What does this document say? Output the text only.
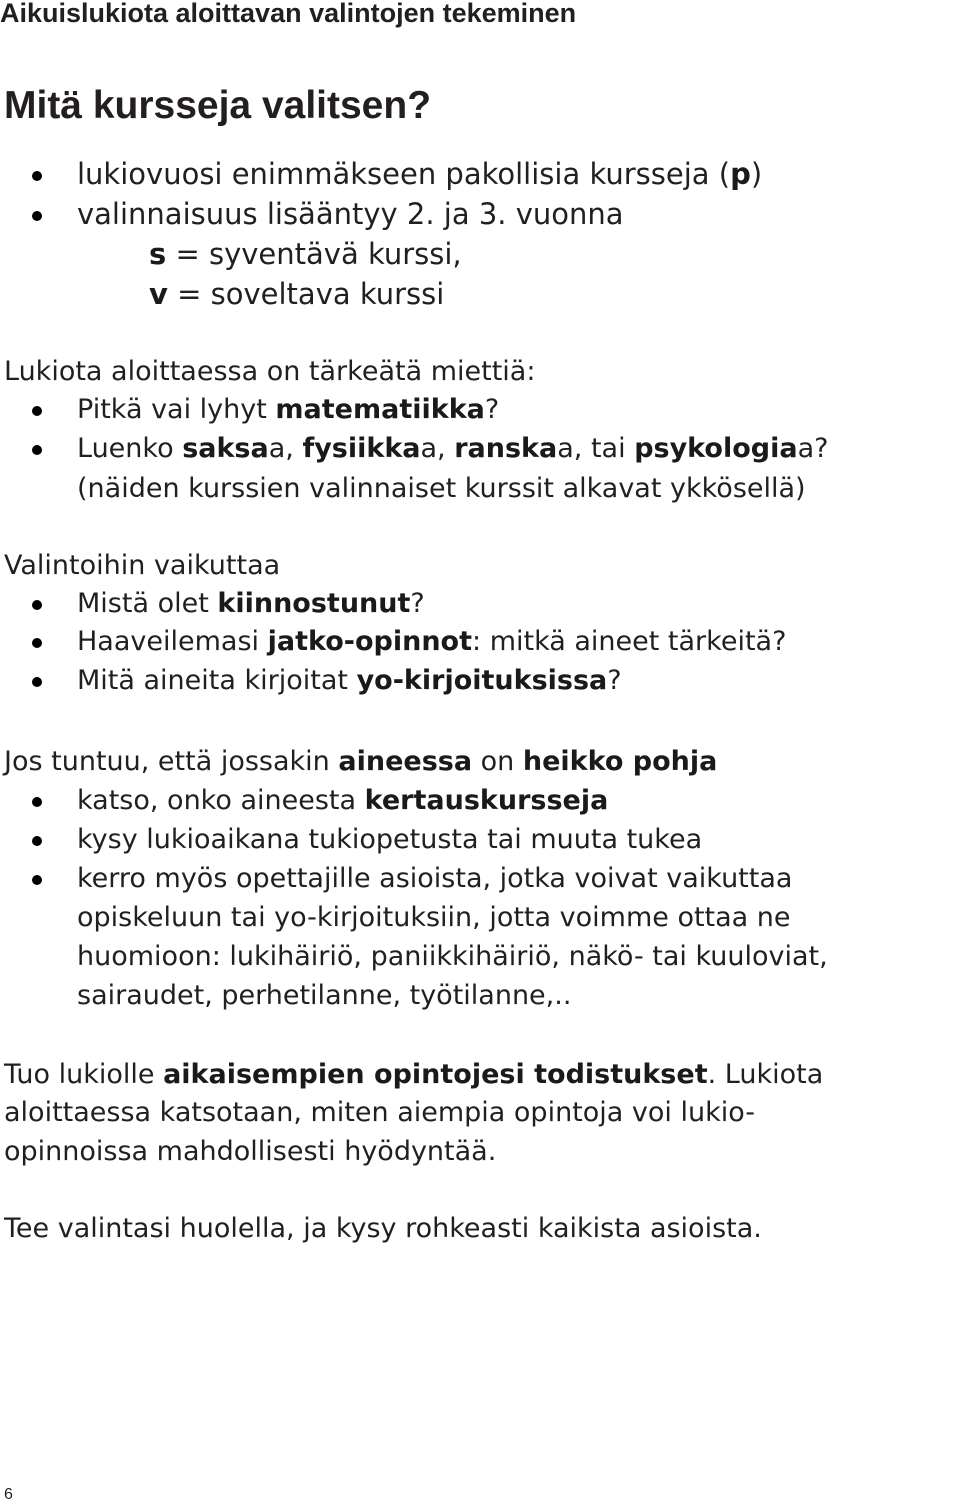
Aikuislukiota aloittavan valintojen tekeminen

Mitä kursseja valitsen?

lukiovuosi enimmäkseen pakollisia kursseja (p)

valinnaisuus lisääntyy 2. ja 3. vuonna

s = syventävä kurssi,

v = soveltava kurssi

Lukiota aloittaessa on tärkeätä miettiä:

Pitkä vai lyhyt matematiikka?

Luenko saksaa, fysiikkaa, ranskaa, tai psykologiaa?

(näiden kurssien valinnaiset kurssit alkavat ykkösellä)

Valintoihin vaikuttaa

Mistä olet kiinnostunut?

Haaveilemasi jatko-opinnot: mitkä aineet tärkeitä?

Mitä aineita kirjoitat yo-kirjoituksissa?

Jos tuntuu, että jossakin aineessa on heikko pohja

katso, onko aineesta kertauskursseja

kysy lukioaikana tukiopetusta tai muuta tukea

kerro myös opettajille asioista, jotka voivat vaikuttaa

opiskeluun tai yo-kirjoituksiin, jotta voimme ottaa ne

huomioon: lukihäiriö, paniikkihäiriö, näkö- tai kuuloviat,

sairaudet, perhetilanne, työtilanne,..

Tuo lukiolle aikaisempien opintojesi todistukset. Lukiota

aloittaessa katsotaan, miten aiempia opintoja voi lukio-

opinnoissa mahdollisesti hyödyntää.

Tee valintasi huolella, ja kysy rohkeasti kaikista asioista.

6
